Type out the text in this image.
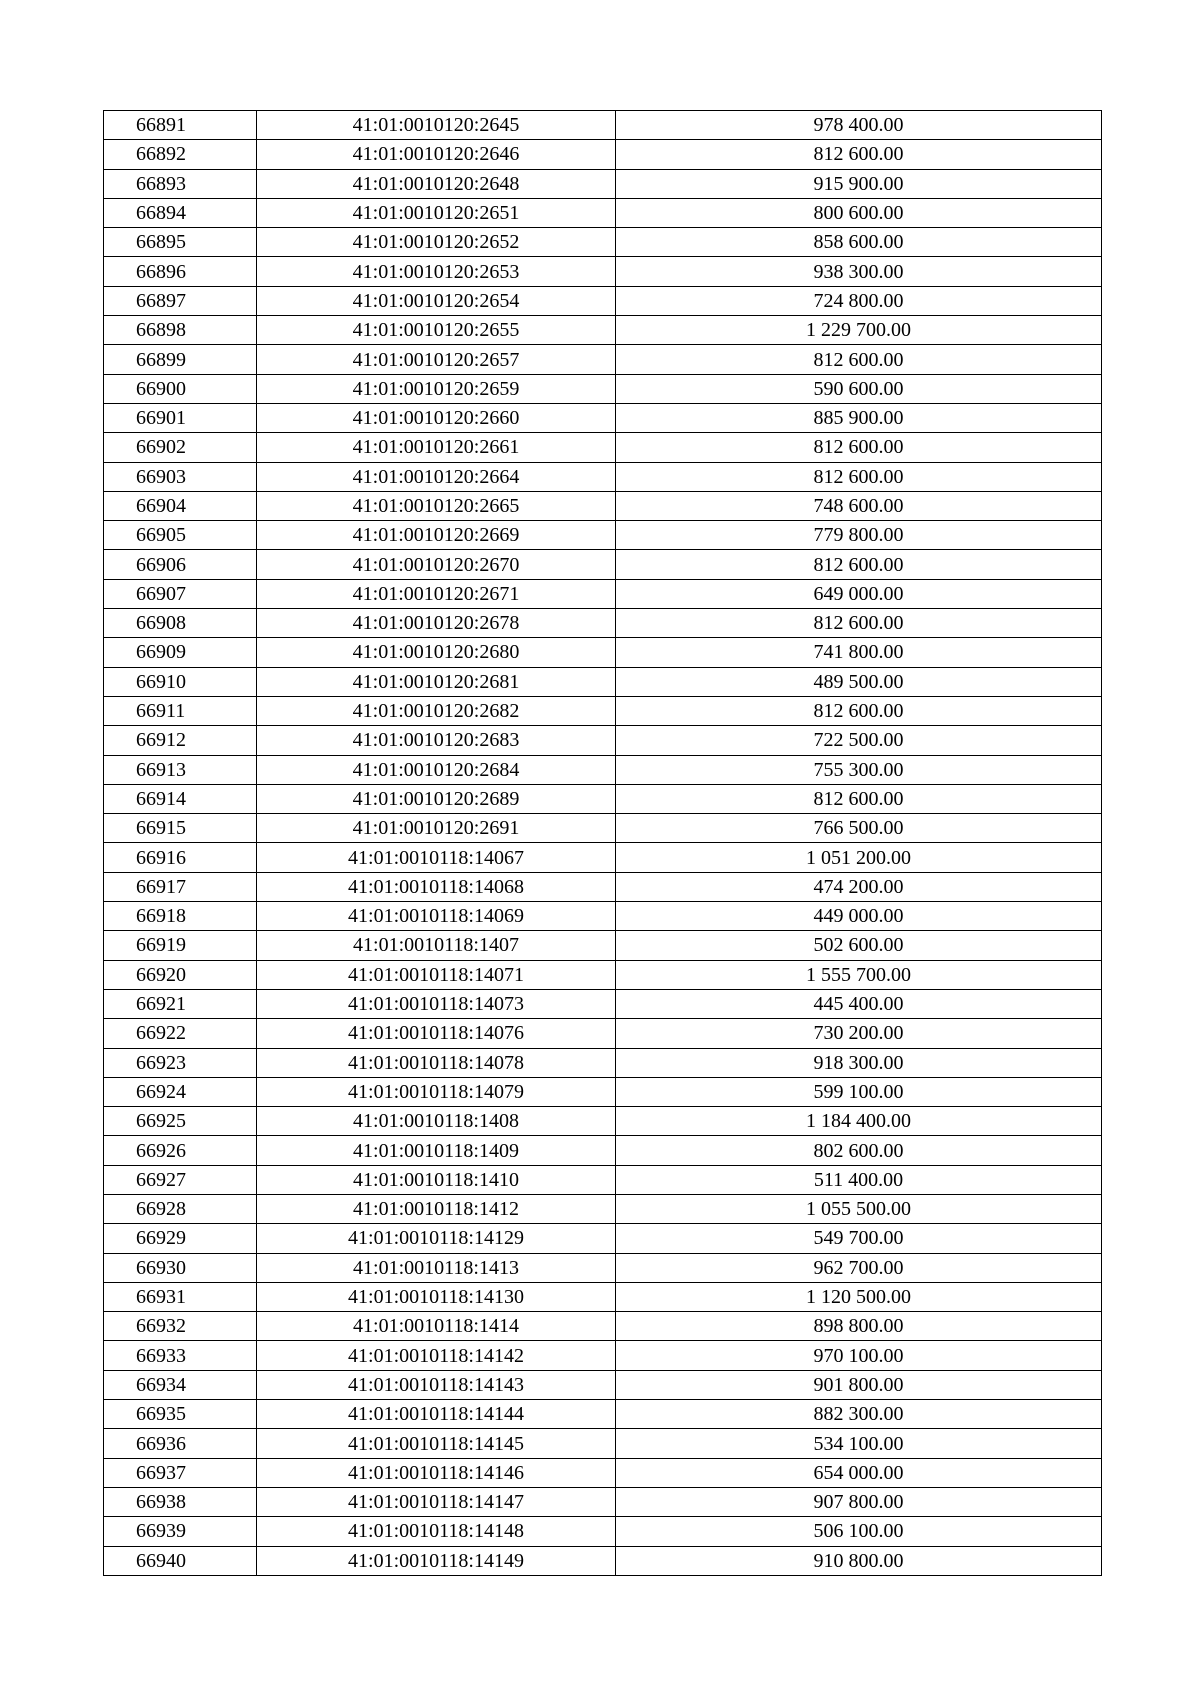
66891	41:01:0010120:2645	978 400.00
66892	41:01:0010120:2646	812 600.00
66893	41:01:0010120:2648	915 900.00
66894	41:01:0010120:2651	800 600.00
66895	41:01:0010120:2652	858 600.00
66896	41:01:0010120:2653	938 300.00
66897	41:01:0010120:2654	724 800.00
66898	41:01:0010120:2655	1 229 700.00
66899	41:01:0010120:2657	812 600.00
66900	41:01:0010120:2659	590 600.00
66901	41:01:0010120:2660	885 900.00
66902	41:01:0010120:2661	812 600.00
66903	41:01:0010120:2664	812 600.00
66904	41:01:0010120:2665	748 600.00
66905	41:01:0010120:2669	779 800.00
66906	41:01:0010120:2670	812 600.00
66907	41:01:0010120:2671	649 000.00
66908	41:01:0010120:2678	812 600.00
66909	41:01:0010120:2680	741 800.00
66910	41:01:0010120:2681	489 500.00
66911	41:01:0010120:2682	812 600.00
66912	41:01:0010120:2683	722 500.00
66913	41:01:0010120:2684	755 300.00
66914	41:01:0010120:2689	812 600.00
66915	41:01:0010120:2691	766 500.00
66916	41:01:0010118:14067	1 051 200.00
66917	41:01:0010118:14068	474 200.00
66918	41:01:0010118:14069	449 000.00
66919	41:01:0010118:1407	502 600.00
66920	41:01:0010118:14071	1 555 700.00
66921	41:01:0010118:14073	445 400.00
66922	41:01:0010118:14076	730 200.00
66923	41:01:0010118:14078	918 300.00
66924	41:01:0010118:14079	599 100.00
66925	41:01:0010118:1408	1 184 400.00
66926	41:01:0010118:1409	802 600.00
66927	41:01:0010118:1410	511 400.00
66928	41:01:0010118:1412	1 055 500.00
66929	41:01:0010118:14129	549 700.00
66930	41:01:0010118:1413	962 700.00
66931	41:01:0010118:14130	1 120 500.00
66932	41:01:0010118:1414	898 800.00
66933	41:01:0010118:14142	970 100.00
66934	41:01:0010118:14143	901 800.00
66935	41:01:0010118:14144	882 300.00
66936	41:01:0010118:14145	534 100.00
66937	41:01:0010118:14146	654 000.00
66938	41:01:0010118:14147	907 800.00
66939	41:01:0010118:14148	506 100.00
66940	41:01:0010118:14149	910 800.00
